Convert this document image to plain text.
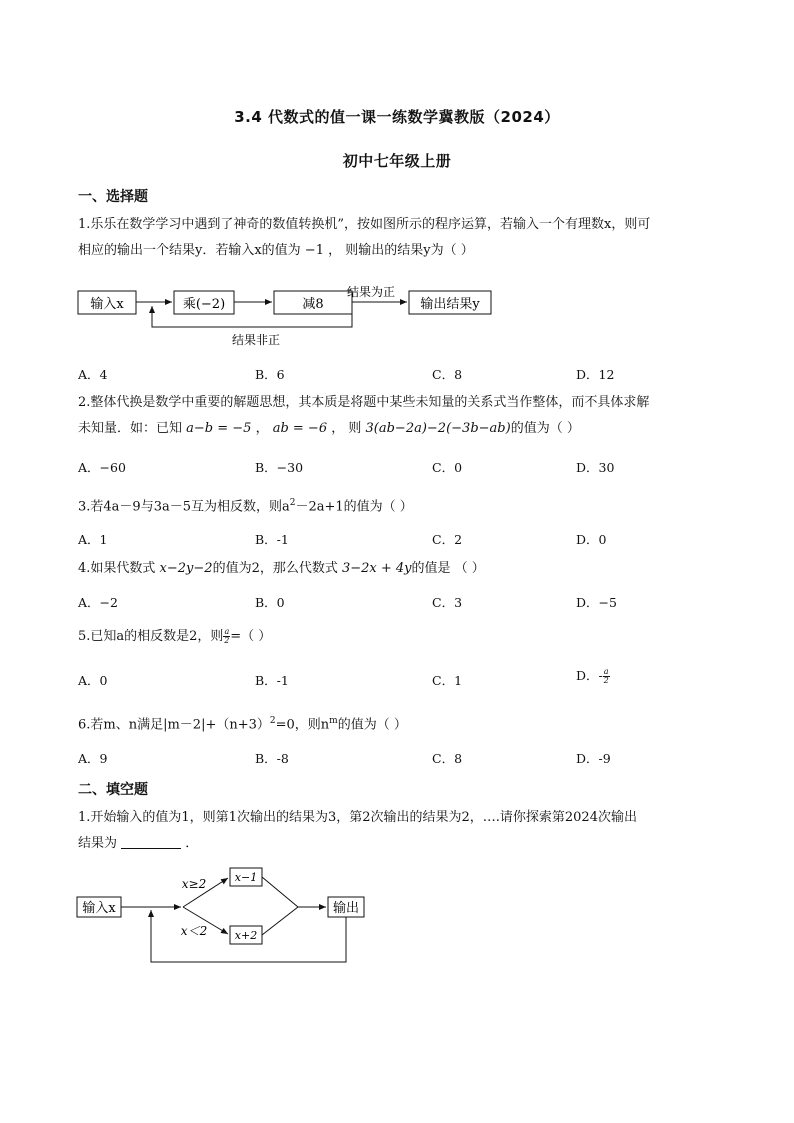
3.4 代数式的值一课一练数学冀教版（2024）
初中七年级上册
一、选择题
1.乐乐在数学学习中遇到了神奇的数值转换机”，按如图所示的程序运算，若输入一个有理数x，则可
相应的输出一个结果y．若输入x的值为 −1 ， 则输出的结果y为（ ）
输入x	乘(−2)	减8
结果为正
输出结果y
结果非正
A．4	B．6	C．8	D．12
2.整体代换是数学中重要的解题思想，其本质是将题中某些未知量的关系式当作整体，而不具体求解
未知量．如：已知 a−b = −5 ， ab = −6 ， 则 3(ab−2a)−2(−3b−ab)的值为（ ）
A．−60	B．−30	C．0	D．30
3.若4a－9与3a－5互为相反数，则$a^2-2a+1$的值为（ ）
A．1	B．-1	C．2	D．0
4.如果代数式 x−2y−2的值为2，那么代数式 3−2x + 4y的值是 （ ）
A．−2	B．0	C．3	D．−5
5.已知a的相反数是2，则 $\frac{a}{2}$ =（ ）
A．0	B．-1	C．1	D．- $\frac{a}{2}$
6.若m、n满足$|m-2|+(n+3)^2=0$，则$n^m$的值为（ ）
A．9	B．-8	C．8	D．-9
二、填空题
1.开始输入的值为1，则第1次输出的结果为3，第2次输出的结果为2，….请你探索第2024次输出
结果为	．
输入x
x≥2
x＜2
x−1
x+2
输出
